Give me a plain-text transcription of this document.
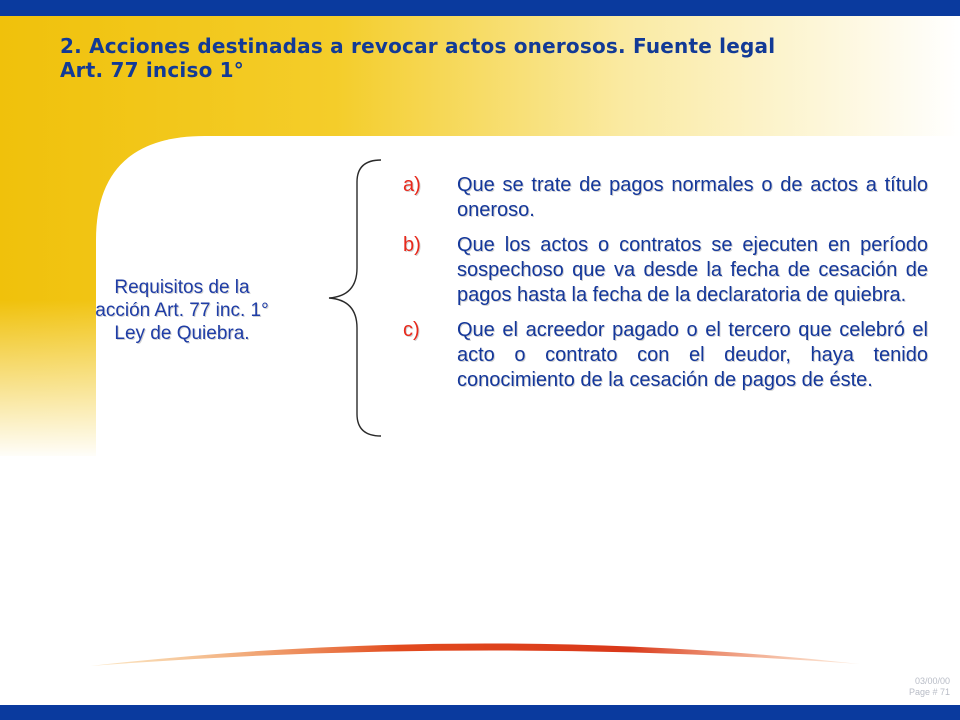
2. Acciones destinadas a revocar actos onerosos. Fuente legal
Art. 77 inciso 1°
Requisitos de la
acción Art. 77 inc. 1°
Ley de Quiebra.
a) Que se trate de pagos normales o de actos a título oneroso.
b) Que los actos o contratos se ejecuten en período sospechoso que va desde la fecha de cesación de pagos hasta la fecha de la declaratoria de quiebra.
c) Que el acreedor pagado o el tercero que celebró el acto o contrato con el deudor, haya tenido conocimiento de la cesación de pagos de éste.
03/00/00
Page # 71
